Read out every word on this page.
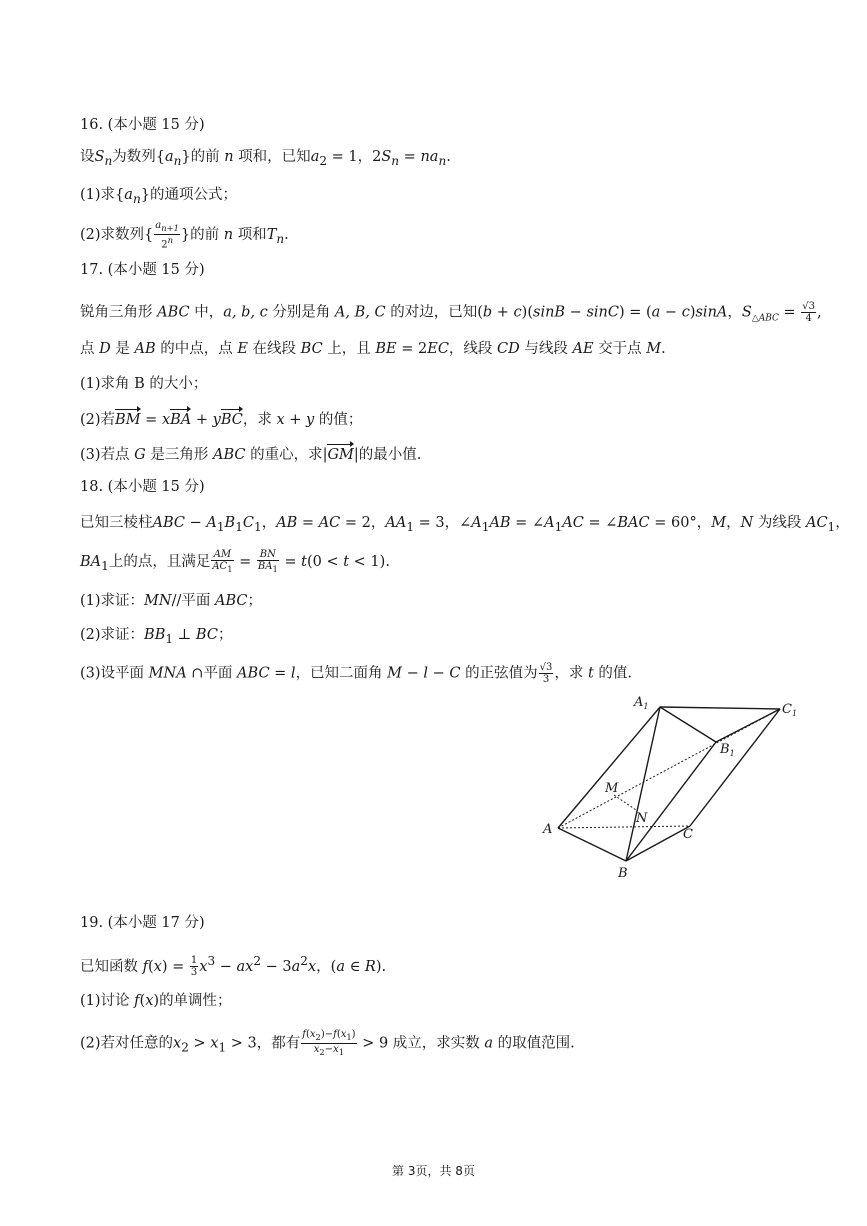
16. (本小题 15 分)
设$S_n$为数列$\{a_n\}$的前 n 项和，已知$a_2 = 1$，$2S_n = na_n$.
(1)求$\{a_n\}$的通项公式；
(2)求数列{ $\frac{a_{n+1}}{2^n}$ }的前 n 项和$T_n$.
17. (本小题 15 分)
锐角三角形 ABC 中，a, b, c 分别是角 A, B, C 的对边，已知(b + c)(sinB − sinC) = (a − c)sinA，$S_{\triangle ABC} = \frac{√3}{4}$ ,
点 D 是 AB 的中点，点 E 在线段 BC 上，且 BE = 2EC，线段 CD 与线段 AE 交于点 M.
(1)求角 B 的大小；
(2)若BM = xBA + yBC，求 x + y 的值；
(3)若点 G 是三角形 ABC 的重心，求|GM|的最小值.
18. (本小题 15 分)
已知三棱柱ABC − $A_1B_1C_1$，AB = AC = 2，$AA_1 = 3$，$\angle A_1AB$ = $\angle A_1AC$ = ∠BAC = 60°，M，N 为线段 $AC_1$，
$BA_1$上的点，且满足 $\frac{AM}{AC_1} = \frac{BN}{BA_1} = t(0 < t < 1)$.
(1)求证：MN//平面 ABC；
(2)求证：$BB_1$ ⊥ BC；
(3)设平面 MNA ∩平面 ABC = l，已知二面角 M − l − C 的正弦值为 $\frac{√3}{3}$ ，求 t 的值.
$A_1$	$C_1$
$B_1$
M
N
A	C
B
19. (本小题 17 分)
已知函数 $f(x) = \frac{1}{3} x^3 - ax^2 - 3a^2x$，(a ∈ R).
(1)讨论 f(x)的单调性；
(2)若对任意的$x_2 > x_1 > 3$，都有 $\frac{f(x_2)-f(x_1)}{x_2-x_1} > 9$ 成立，求实数 a 的取值范围.
第 3页，共 8页
